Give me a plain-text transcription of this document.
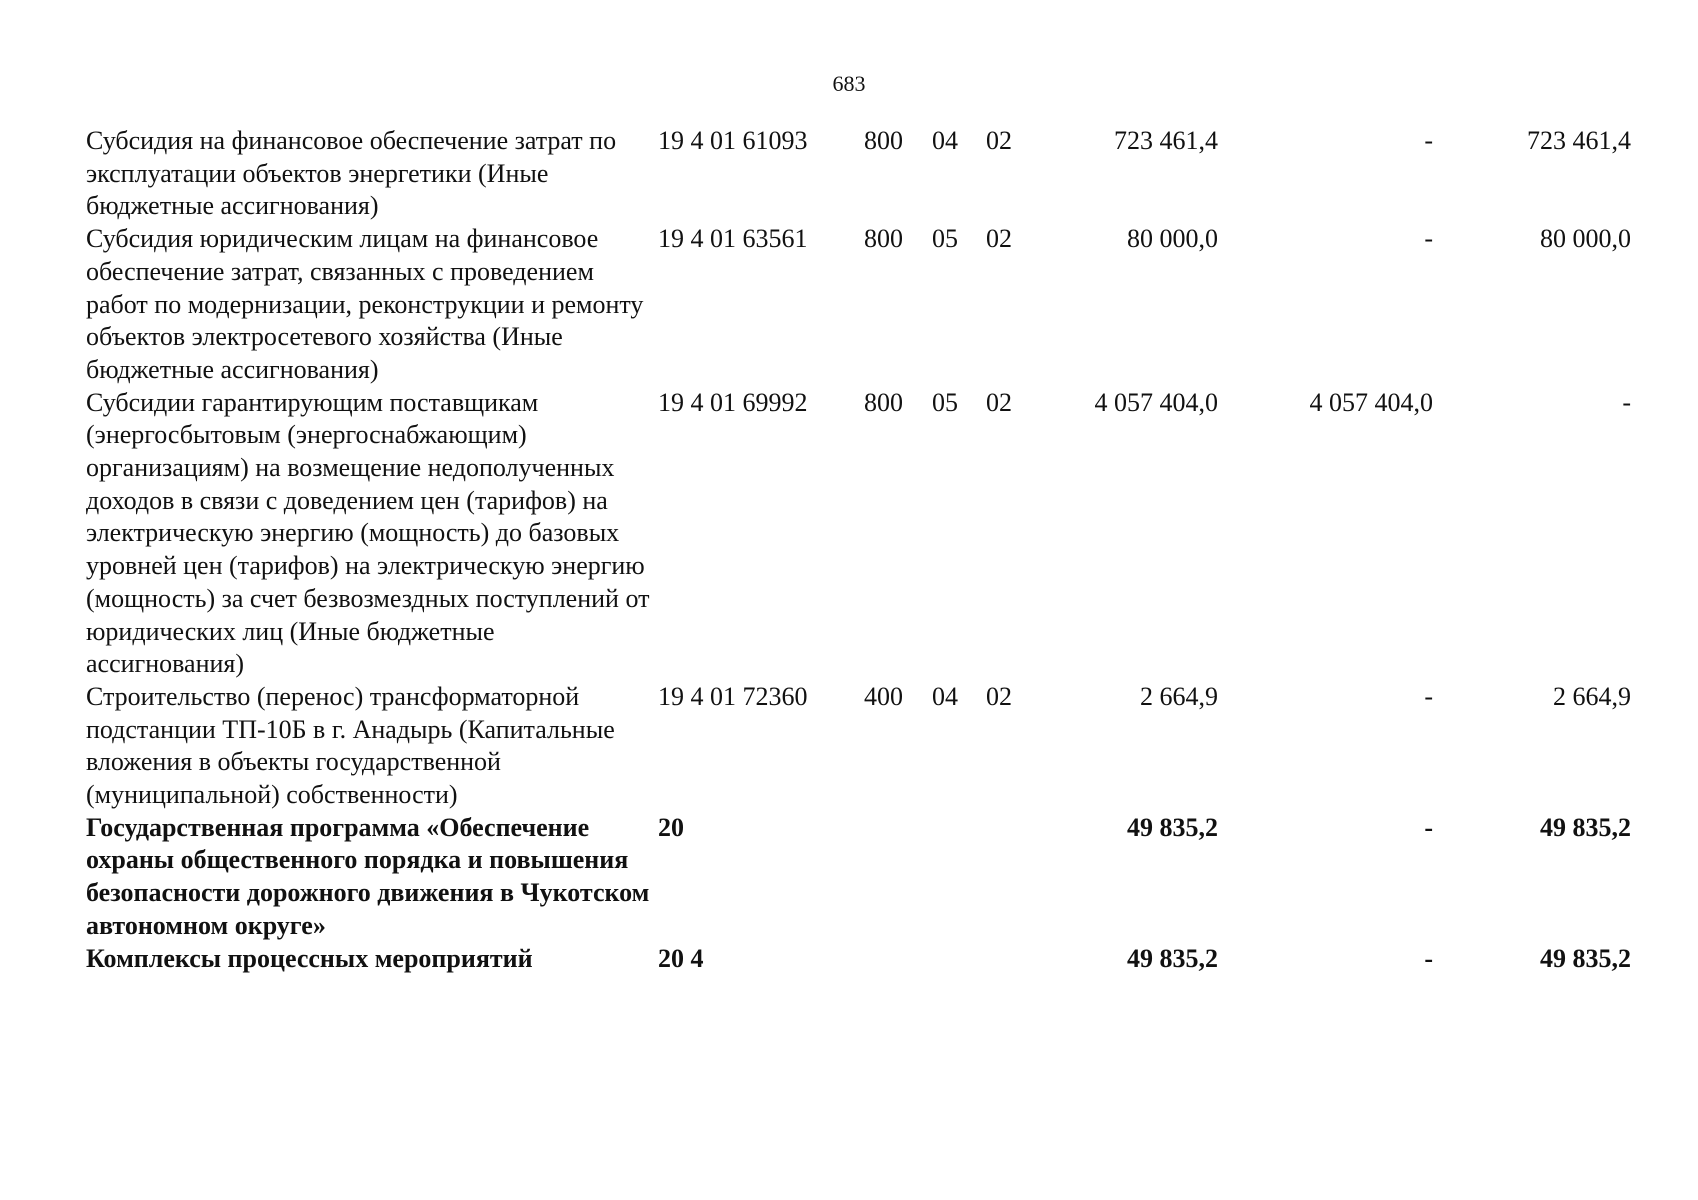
683
Субсидия на финансовое обеспечение затрат по эксплуатации объектов энергетики (Иные бюджетные ассигнования)	19 4 01 61093	800	04	02	723 461,4	-	723 461,4
Субсидия юридическим лицам на финансовое обеспечение затрат, связанных с проведением работ по модернизации, реконструкции и ремонту объектов электросетевого хозяйства (Иные бюджетные ассигнования)	19 4 01 63561	800	05	02	80 000,0	-	80 000,0
Субсидии гарантирующим поставщикам (энергосбытовым (энергоснабжающим) организациям) на возмещение недополученных доходов в связи с доведением цен (тарифов) на электрическую энергию (мощность) до базовых уровней цен (тарифов) на электрическую энергию (мощность) за счет безвозмездных поступлений от юридических лиц (Иные бюджетные ассигнования)	19 4 01 69992	800	05	02	4 057 404,0	4 057 404,0	-
Строительство (перенос) трансформаторной подстанции ТП-10Б в г. Анадырь (Капитальные вложения в объекты государственной (муниципальной) собственности)	19 4 01 72360	400	04	02	2 664,9	-	2 664,9
Государственная программа «Обеспечение охраны общественного порядка и повышения безопасности дорожного движения в Чукотском автономном округе»	20				49 835,2	-	49 835,2
Комплексы процессных мероприятий	20 4				49 835,2	-	49 835,2
